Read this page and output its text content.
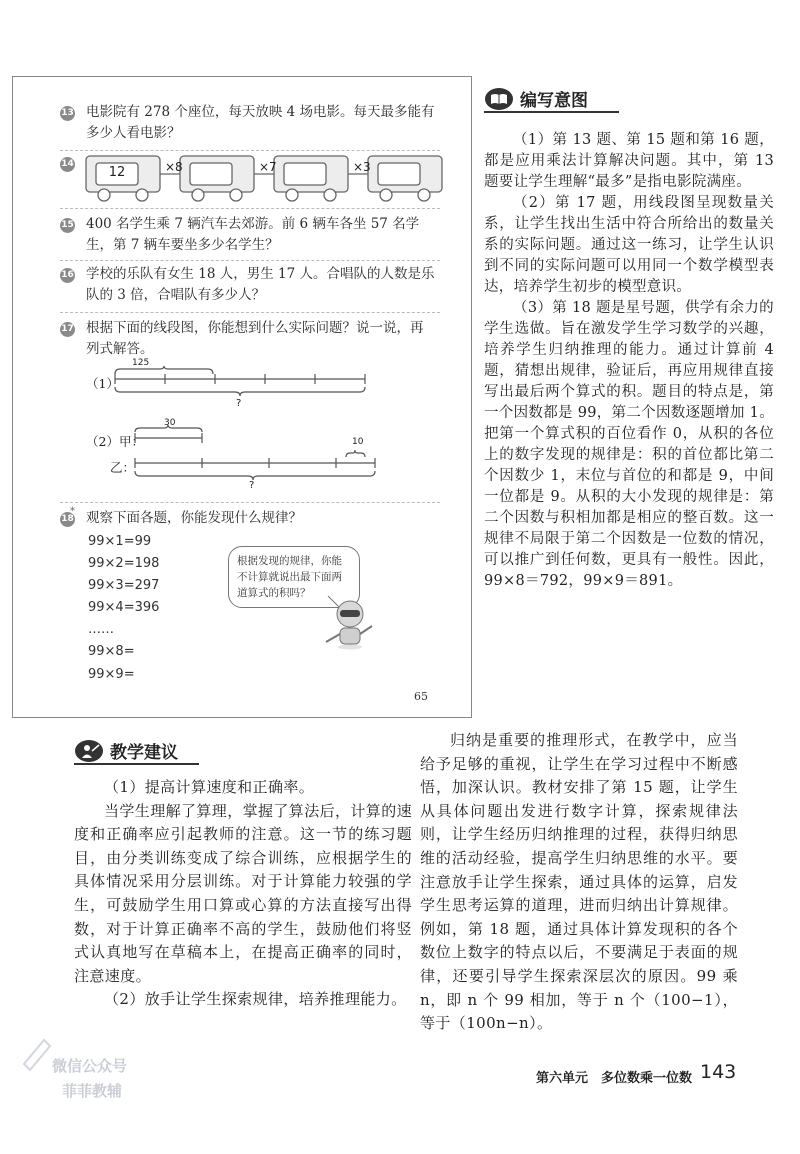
13 电影院有 278 个座位，每天放映 4 场电影。每天最多能有多少人看电影？
14
12	×8	×7	×3
15 400 名学生乘 7 辆汽车去郊游。前 6 辆车各坐 57 名学生，第 7 辆车要坐多少名学生？
16 学校的乐队有女生 18 人，男生 17 人。合唱队的人数是乐队的 3 倍，合唱队有多少人？
17 根据下面的线段图，你能想到什么实际问题？说一说，再列式解答。
（1）
125
?
（2）甲：
30
10
乙：
?
18
* 观察下面各题，你能发现什么规律？
99×1=99
99×2=198
99×3=297
99×4=396
……
99×8=
99×9=
根据发现的规律，你能不计算就说出最下面两道算式的积吗？
65
编写意图

（1）第 13 题、第 15 题和第 16 题，都是应用乘法计算解决问题。其中，第 13 题要让学生理解“最多”是指电影院满座。

（2）第 17 题，用线段图呈现数量关系，让学生找出生活中符合所给出的数量关系的实际问题。通过这一练习，让学生认识到不同的实际问题可以用同一个数学模型表达，培养学生初步的模型意识。

（3）第 18 题是星号题，供学有余力的学生选做。旨在激发学生学习数学的兴趣，培养学生归纳推理的能力。通过计算前 4 题，猜想出规律，验证后，再应用规律直接写出最后两个算式的积。题目的特点是，第一个因数都是 99，第二个因数逐题增加 1。把第一个算式积的百位看作 0，从积的各位上的数字发现的规律是：积的首位都比第二个因数少 1，末位与首位的和都是 9，中间一位都是 9。从积的大小发现的规律是：第二个因数与积相加都是相应的整百数。这一规律不局限于第二个因数是一位数的情况，可以推广到任何数，更具有一般性。因此，99×8＝792，99×9＝891。

教学建议

（1）提高计算速度和正确率。

当学生理解了算理，掌握了算法后，计算的速度和正确率应引起教师的注意。这一节的练习题目，由分类训练变成了综合训练，应根据学生的具体情况采用分层训练。对于计算能力较强的学生，可鼓励学生用口算或心算的方法直接写出得数，对于计算正确率不高的学生，鼓励他们将竖式认真地写在草稿本上，在提高正确率的同时，注意速度。

（2）放手让学生探索规律，培养推理能力。

归纳是重要的推理形式，在教学中，应当给予足够的重视，让学生在学习过程中不断感悟，加深认识。教材安排了第 15 题，让学生从具体问题出发进行数字计算，探索规律法则，让学生经历归纳推理的过程，获得归纳思维的活动经验，提高学生归纳思维的水平。要注意放手让学生探索，通过具体的运算，启发学生思考运算的道理，进而归纳出计算规律。例如，第 18 题，通过具体计算发现积的各个数位上数字的特点以后，不要满足于表面的规律，还要引导学生探索深层次的原因。99 乘 n，即 n 个 99 相加，等于 n 个（100−1），等于（100n−n）。

第六单元　多位数乘一位数 143
微信公众号
菲菲教辅
